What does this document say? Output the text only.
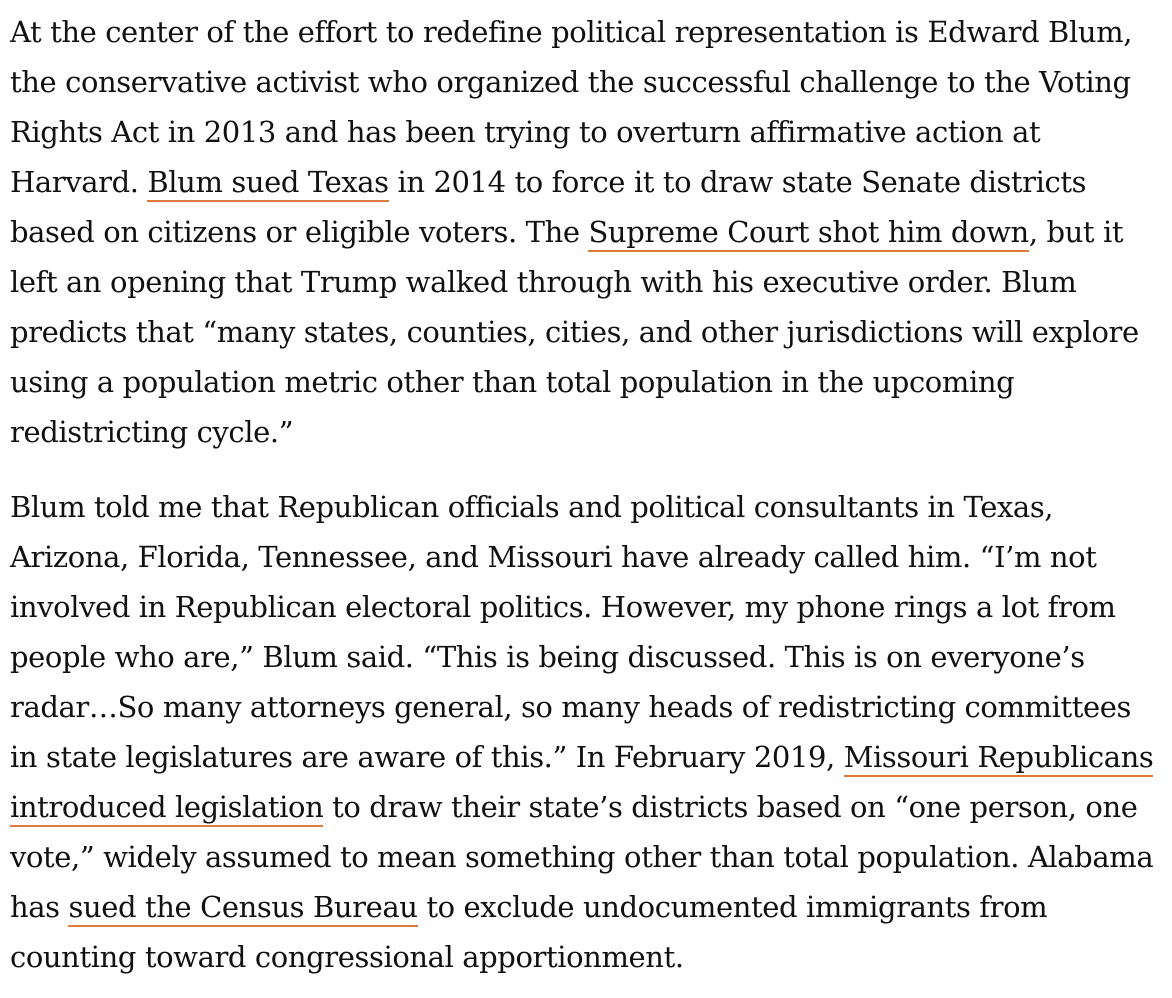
At the center of the effort to redefine political representation is Edward Blum, the conservative activist who organized the successful challenge to the Voting Rights Act in 2013 and has been trying to overturn affirmative action at Harvard. Blum sued Texas in 2014 to force it to draw state Senate districts based on citizens or eligible voters. The Supreme Court shot him down, but it left an opening that Trump walked through with his executive order. Blum predicts that “many states, counties, cities, and other jurisdictions will explore using a population metric other than total population in the upcoming redistricting cycle.”

Blum told me that Republican officials and political consultants in Texas, Arizona, Florida, Tennessee, and Missouri have already called him. “I’m not involved in Republican electoral politics. However, my phone rings a lot from people who are,” Blum said. “This is being discussed. This is on everyone’s radar…So many attorneys general, so many heads of redistricting committees in state legislatures are aware of this.” In February 2019, Missouri Republicans introduced legislation to draw their state’s districts based on “one person, one vote,” widely assumed to mean something other than total population. Alabama has sued the Census Bureau to exclude undocumented immigrants from counting toward congressional apportionment.
